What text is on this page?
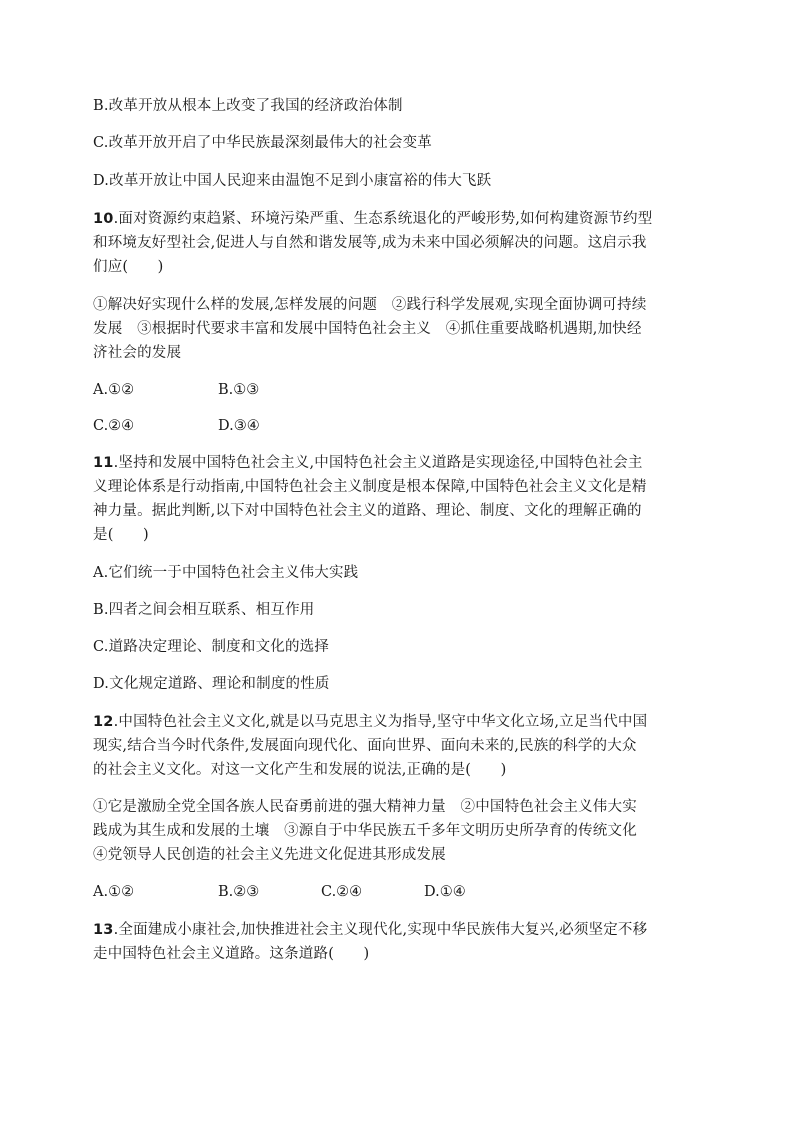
B.改革开放从根本上改变了我国的经济政治体制
C.改革开放开启了中华民族最深刻最伟大的社会变革
D.改革开放让中国人民迎来由温饱不足到小康富裕的伟大飞跃
10.面对资源约束趋紧、环境污染严重、生态系统退化的严峻形势,如何构建资源节约型
和环境友好型社会,促进人与自然和谐发展等,成为未来中国必须解决的问题。这启示我
们应(　　)
①解决好实现什么样的发展,怎样发展的问题　②践行科学发展观,实现全面协调可持续
发展　③根据时代要求丰富和发展中国特色社会主义　④抓住重要战略机遇期,加快经
济社会的发展
A.①②	B.①③
C.②④	D.③④
11.坚持和发展中国特色社会主义,中国特色社会主义道路是实现途径,中国特色社会主
义理论体系是行动指南,中国特色社会主义制度是根本保障,中国特色社会主义文化是精
神力量。据此判断,以下对中国特色社会主义的道路、理论、制度、文化的理解正确的
是(　　)
A.它们统一于中国特色社会主义伟大实践
B.四者之间会相互联系、相互作用
C.道路决定理论、制度和文化的选择
D.文化规定道路、理论和制度的性质
12.中国特色社会主义文化,就是以马克思主义为指导,坚守中华文化立场,立足当代中国
现实,结合当今时代条件,发展面向现代化、面向世界、面向未来的,民族的科学的大众
的社会主义文化。对这一文化产生和发展的说法,正确的是(　　)
①它是激励全党全国各族人民奋勇前进的强大精神力量　②中国特色社会主义伟大实
践成为其生成和发展的土壤　③源自于中华民族五千多年文明历史所孕育的传统文化
④党领导人民创造的社会主义先进文化促进其形成发展
A.①②	B.②③	C.②④	D.①④
13.全面建成小康社会,加快推进社会主义现代化,实现中华民族伟大复兴,必须坚定不移
走中国特色社会主义道路。这条道路(　　)
